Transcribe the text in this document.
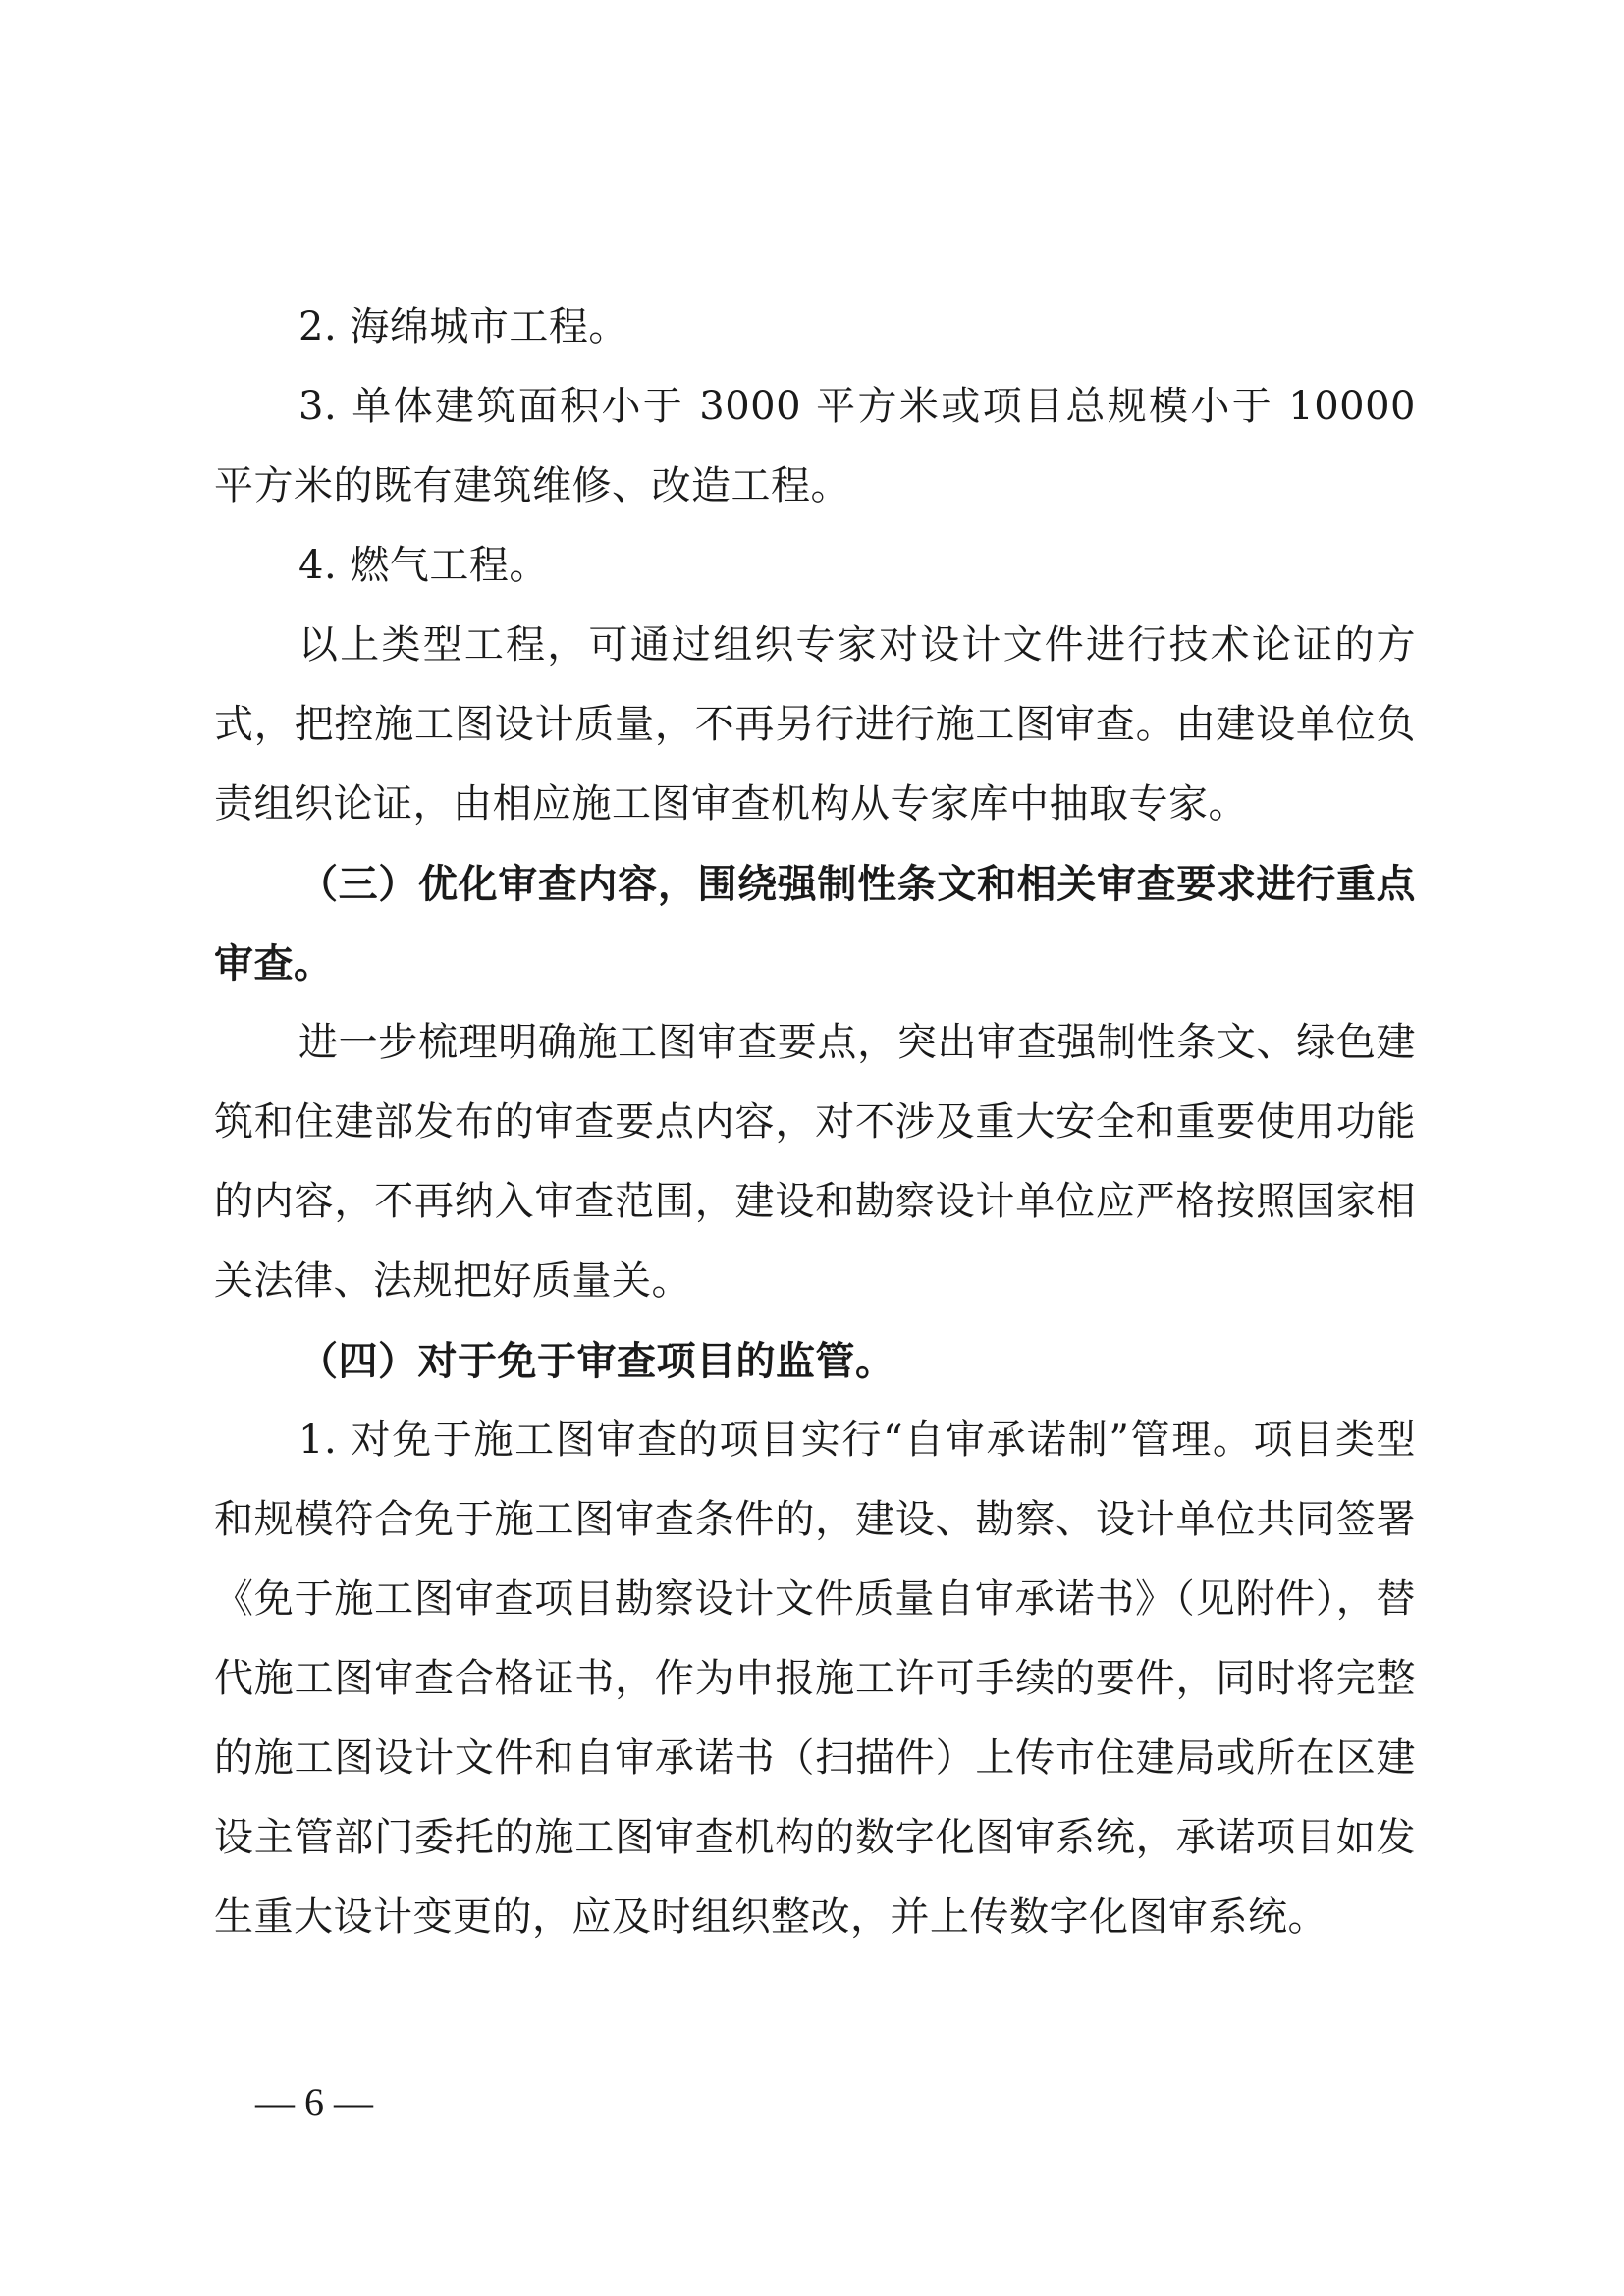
2. 海绵城市工程。

3. 单体建筑面积小于 3000 平方米或项目总规模小于 10000 平方米的既有建筑维修、改造工程。

4. 燃气工程。

以上类型工程，可通过组织专家对设计文件进行技术论证的方式，把控施工图设计质量，不再另行进行施工图审查。由建设单位负责组织论证，由相应施工图审查机构从专家库中抽取专家。

（三）优化审查内容，围绕强制性条文和相关审查要求进行重点审查。

进一步梳理明确施工图审查要点，突出审查强制性条文、绿色建筑和住建部发布的审查要点内容，对不涉及重大安全和重要使用功能的内容，不再纳入审查范围，建设和勘察设计单位应严格按照国家相关法律、法规把好质量关。

（四）对于免于审查项目的监管。

1. 对免于施工图审查的项目实行“自审承诺制”管理。项目类型和规模符合免于施工图审查条件的，建设、勘察、设计单位共同签署《免于施工图审查项目勘察设计文件质量自审承诺书》（见附件），替代施工图审查合格证书，作为申报施工许可手续的要件，同时将完整的施工图设计文件和自审承诺书（扫描件）上传市住建局或所在区建设主管部门委托的施工图审查机构的数字化图审系统，承诺项目如发生重大设计变更的，应及时组织整改，并上传数字化图审系统。

— 6 —
